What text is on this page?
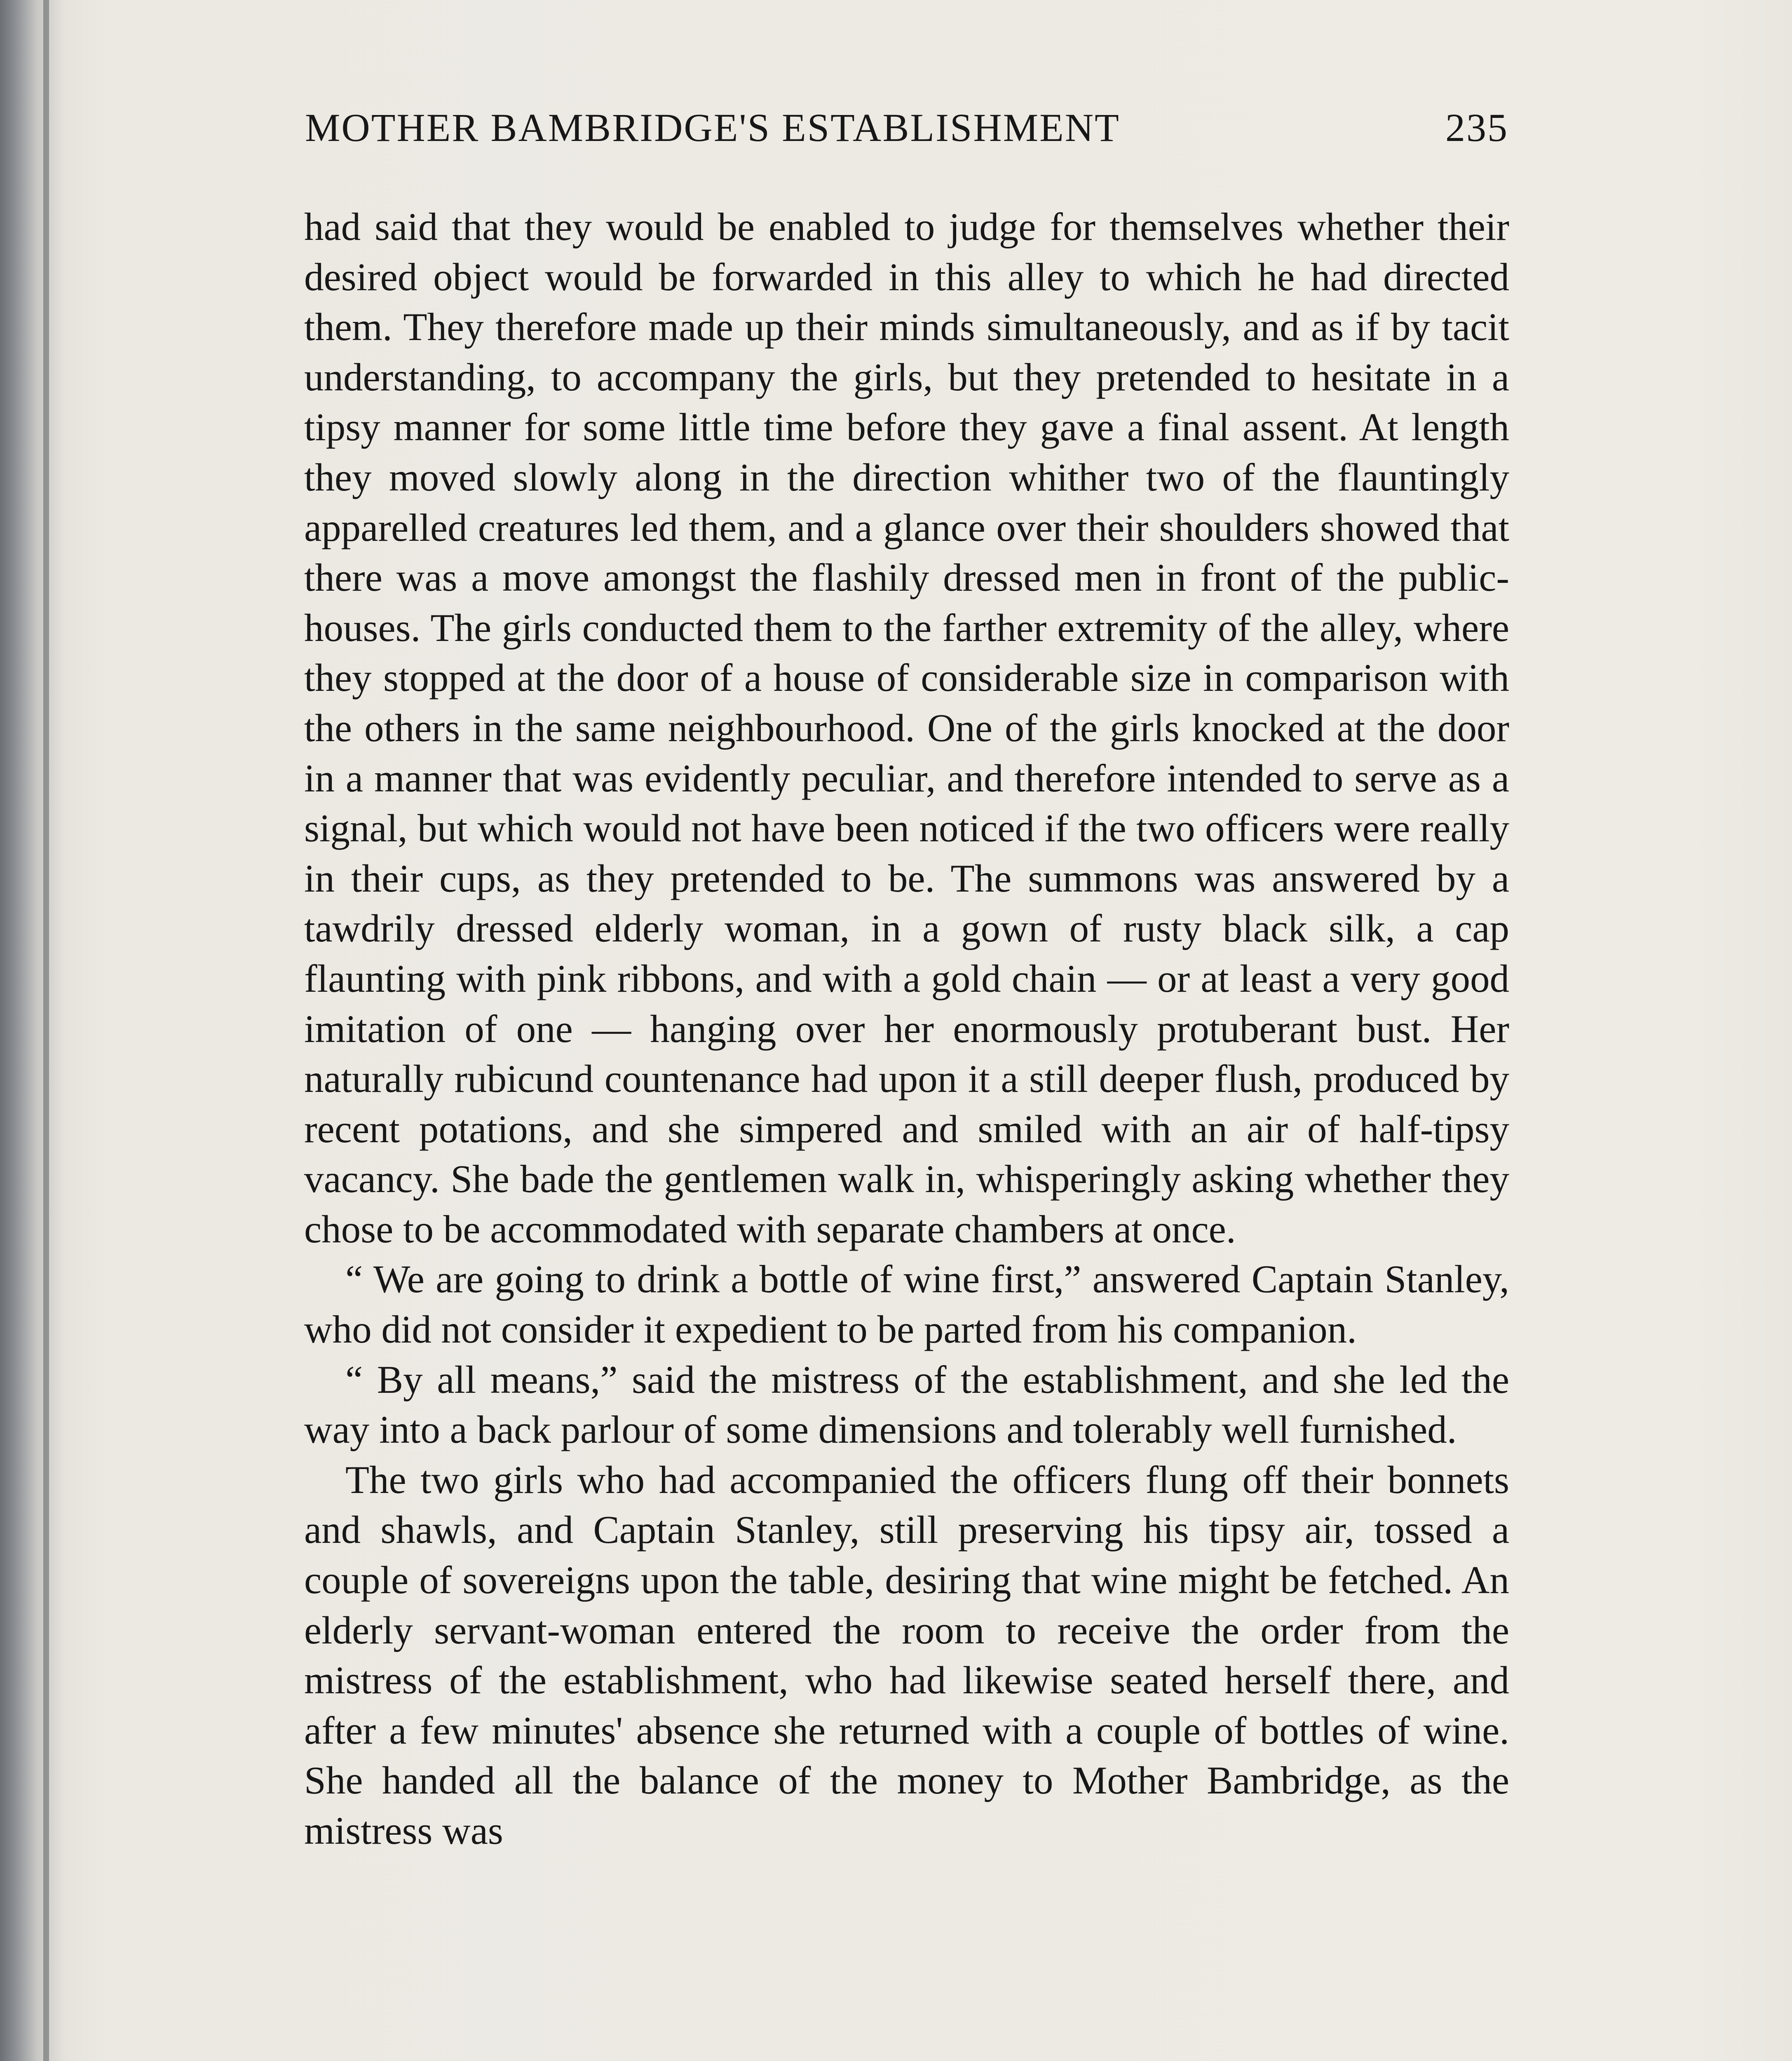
MOTHER BAMBRIDGE'S ESTABLISHMENT	235

had said that they would be enabled to judge for themselves whether their desired object would be forwarded in this alley to which he had directed them. They therefore made up their minds simultaneously, and as if by tacit understanding, to accompany the girls, but they pretended to hesitate in a tipsy manner for some little time before they gave a final assent. At length they moved slowly along in the direction whither two of the flauntingly apparelled creatures led them, and a glance over their shoulders showed that there was a move amongst the flashily dressed men in front of the public-houses. The girls conducted them to the farther extremity of the alley, where they stopped at the door of a house of considerable size in comparison with the others in the same neighbourhood. One of the girls knocked at the door in a manner that was evidently peculiar, and therefore intended to serve as a signal, but which would not have been noticed if the two officers were really in their cups, as they pretended to be. The summons was answered by a tawdrily dressed elderly woman, in a gown of rusty black silk, a cap flaunting with pink ribbons, and with a gold chain — or at least a very good imitation of one — hanging over her enormously protuberant bust. Her naturally rubicund countenance had upon it a still deeper flush, produced by recent potations, and she simpered and smiled with an air of half-tipsy vacancy. She bade the gentlemen walk in, whisperingly asking whether they chose to be accommodated with separate chambers at once.

“ We are going to drink a bottle of wine first,” answered Captain Stanley, who did not consider it expedient to be parted from his companion.

“ By all means,” said the mistress of the establishment, and she led the way into a back parlour of some dimensions and tolerably well furnished.

The two girls who had accompanied the officers flung off their bonnets and shawls, and Captain Stanley, still preserving his tipsy air, tossed a couple of sovereigns upon the table, desiring that wine might be fetched. An elderly servant-woman entered the room to receive the order from the mistress of the establishment, who had likewise seated herself there, and after a few minutes' absence she returned with a couple of bottles of wine. She handed all the balance of the money to Mother Bambridge, as the mistress was
